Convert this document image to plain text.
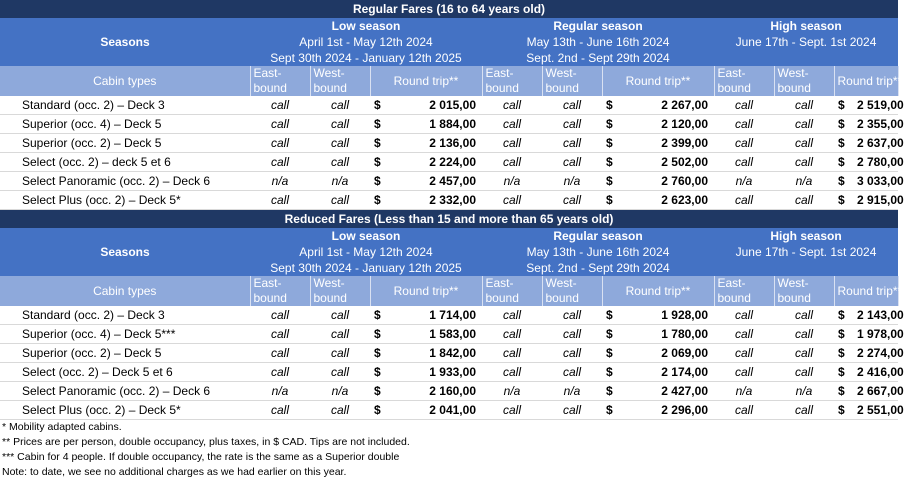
Regular Fares (16 to 64 years old)												
Seasons	Low season				Regular season				High season			
	April 1st - May 12th 2024				May 13th - June 16th 2024				June 17th - Sept. 1st 2024			
	Sept 30th 2024 - January 12th 2025				Sept. 2nd - Sept 29th 2024							
Cabin types	East-	West-	Round trip**		East-	West-	Round trip**		East-	West-	Round trip**	
	bound	bound			bound	bound			bound	bound		
Standard (occ. 2) – Deck 3	call	call	$	2 015,00	call	call	$	2 267,00	call	call	$	2 519,00
Superior (occ. 4) – Deck 5	call	call	$	1 884,00	call	call	$	2 120,00	call	call	$	2 355,00
Superior (occ. 2) – Deck 5	call	call	$	2 136,00	call	call	$	2 399,00	call	call	$	2 637,00
Select (occ. 2) – deck 5 et 6	call	call	$	2 224,00	call	call	$	2 502,00	call	call	$	2 780,00
Select Panoramic (occ. 2) – Deck 6	n/a	n/a	$	2 457,00	n/a	n/a	$	2 760,00	n/a	n/a	$	3 033,00
Select Plus (occ. 2) – Deck 5*	call	call	$	2 332,00	call	call	$	2 623,00	call	call	$	2 915,00
Reduced Fares (Less than 15 and more than 65 years old)												
Seasons	Low season				Regular season				High season			
	April 1st - May 12th 2024				May 13th - June 16th 2024				June 17th - Sept. 1st 2024			
	Sept 30th 2024 - January 12th 2025				Sept. 2nd - Sept 29th 2024							
Cabin types	East-	West-	Round trip**		East-	West-	Round trip**		East-	West-	Round trip**	
	bound	bound			bound	bound			bound	bound		
Standard (occ. 2) – Deck 3	call	call	$	1 714,00	call	call	$	1 928,00	call	call	$	2 143,00
Superior (occ. 4) – Deck 5***	call	call	$	1 583,00	call	call	$	1 780,00	call	call	$	1 978,00
Superior (occ. 2) – Deck 5	call	call	$	1 842,00	call	call	$	2 069,00	call	call	$	2 274,00
Select (occ. 2) – Deck 5 et 6	call	call	$	1 933,00	call	call	$	2 174,00	call	call	$	2 416,00
Select Panoramic (occ. 2) – Deck 6	n/a	n/a	$	2 160,00	n/a	n/a	$	2 427,00	n/a	n/a	$	2 667,00
Select Plus (occ. 2) – Deck 5*	call	call	$	2 041,00	call	call	$	2 296,00	call	call	$	2 551,00
* Mobility adapted cabins.
** Prices are per person, double occupancy, plus taxes, in $ CAD. Tips are not included.
*** Cabin for 4 people. If double occupancy, the rate is the same as a Superior double
Note: to date, we see no additional charges as we had earlier on this year.
